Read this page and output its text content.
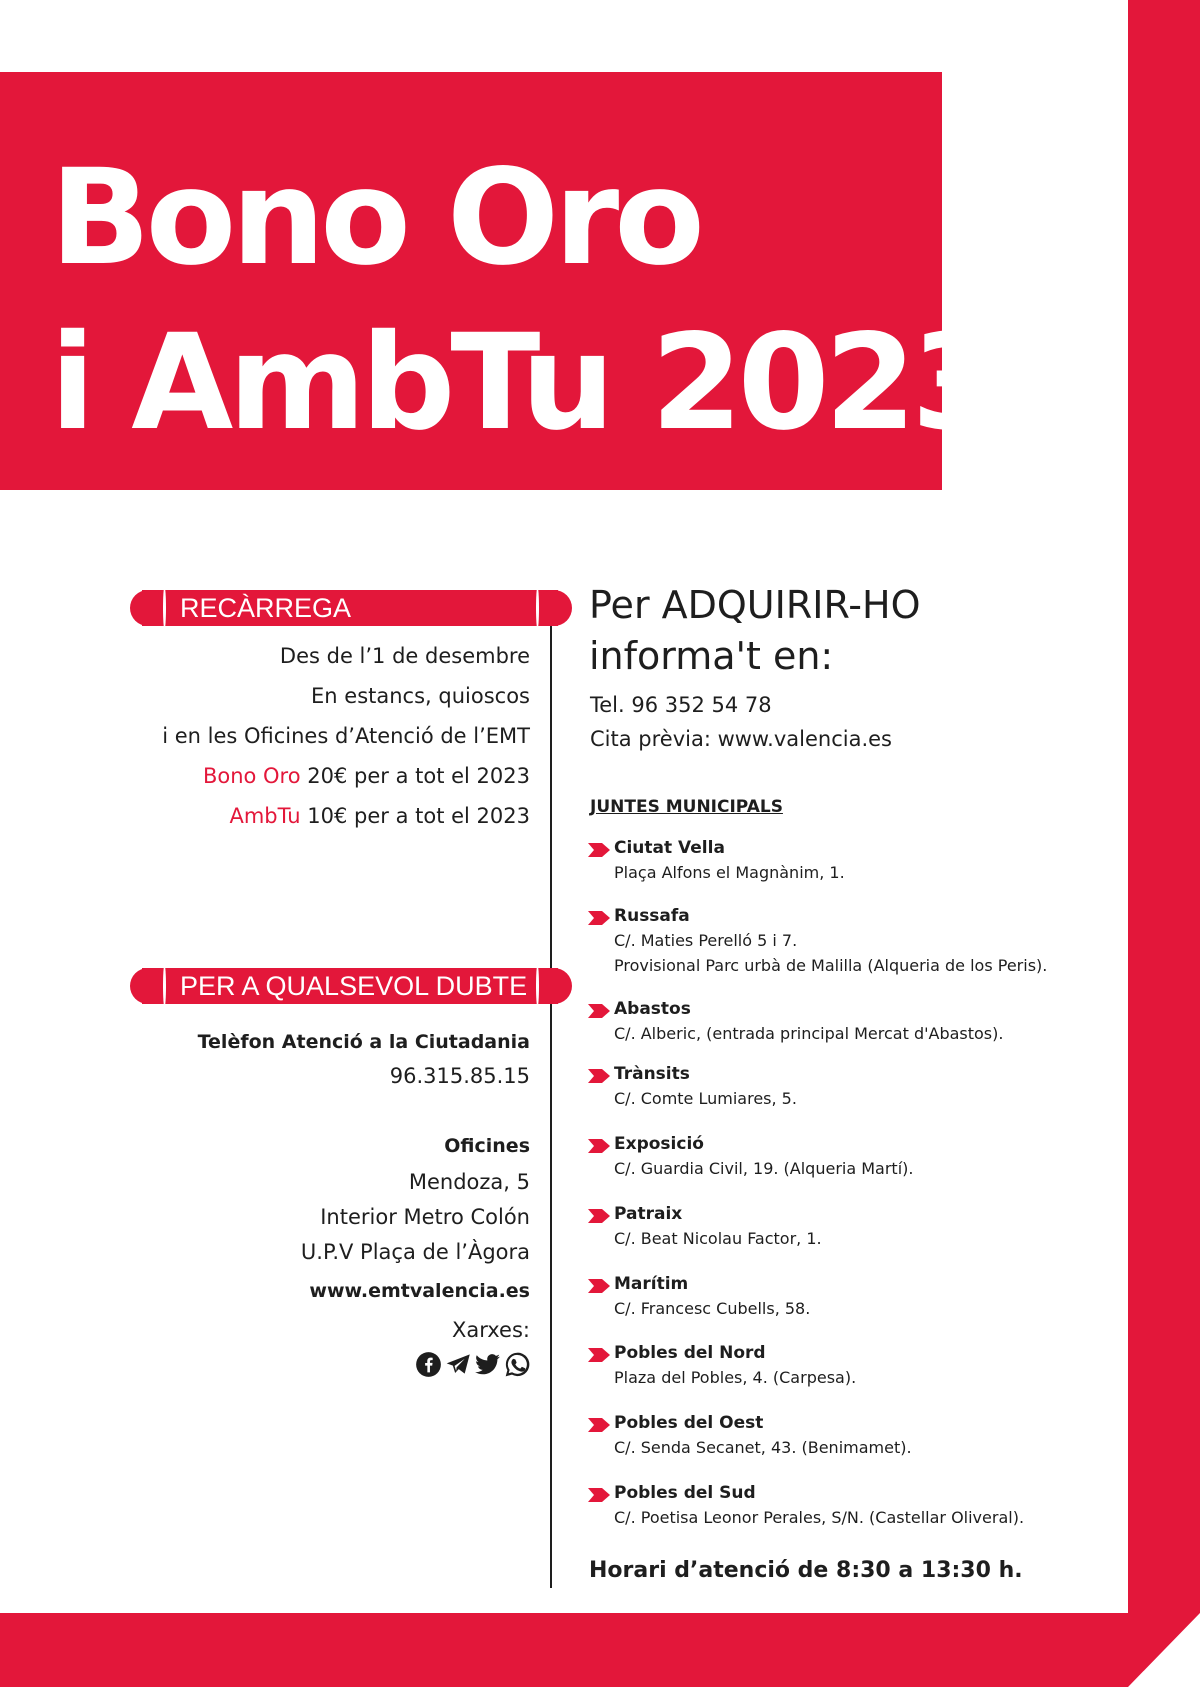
Bono Oro
i AmbTu 2023
RECÀRREGA
Des de l’1 de desembre
En estancs, quioscos
i en les Oficines d’Atenció de l’EMT
Bono Oro 20€ per a tot el 2023
AmbTu 10€ per a tot el 2023
PER A QUALSEVOL DUBTE
Telèfon Atenció a la Ciutadania
96.315.85.15
Oficines
Mendoza, 5
Interior Metro Colón
U.P.V Plaça de l’Àgora
www.emtvalencia.es
Xarxes:
Per ADQUIRIR-HO
informa't en:
Tel. 96 352 54 78
Cita prèvia: www.valencia.es
JUNTES MUNICIPALS
Ciutat Vella
Plaça Alfons el Magnànim, 1.
Russafa
C/. Maties Perelló 5 i 7.
Provisional Parc urbà de Malilla (Alqueria de los Peris).
Abastos
C/. Alberic, (entrada principal Mercat d'Abastos).
Trànsits
C/. Comte Lumiares, 5.
Exposició
C/. Guardia Civil, 19. (Alqueria Martí).
Patraix
C/. Beat Nicolau Factor, 1.
Marítim
C/. Francesc Cubells, 58.
Pobles del Nord
Plaza del Pobles, 4. (Carpesa).
Pobles del Oest
C/. Senda Secanet, 43. (Benimamet).
Pobles del Sud
C/. Poetisa Leonor Perales, S/N. (Castellar Oliveral).
Horari d’atenció de 8:30 a 13:30 h.
